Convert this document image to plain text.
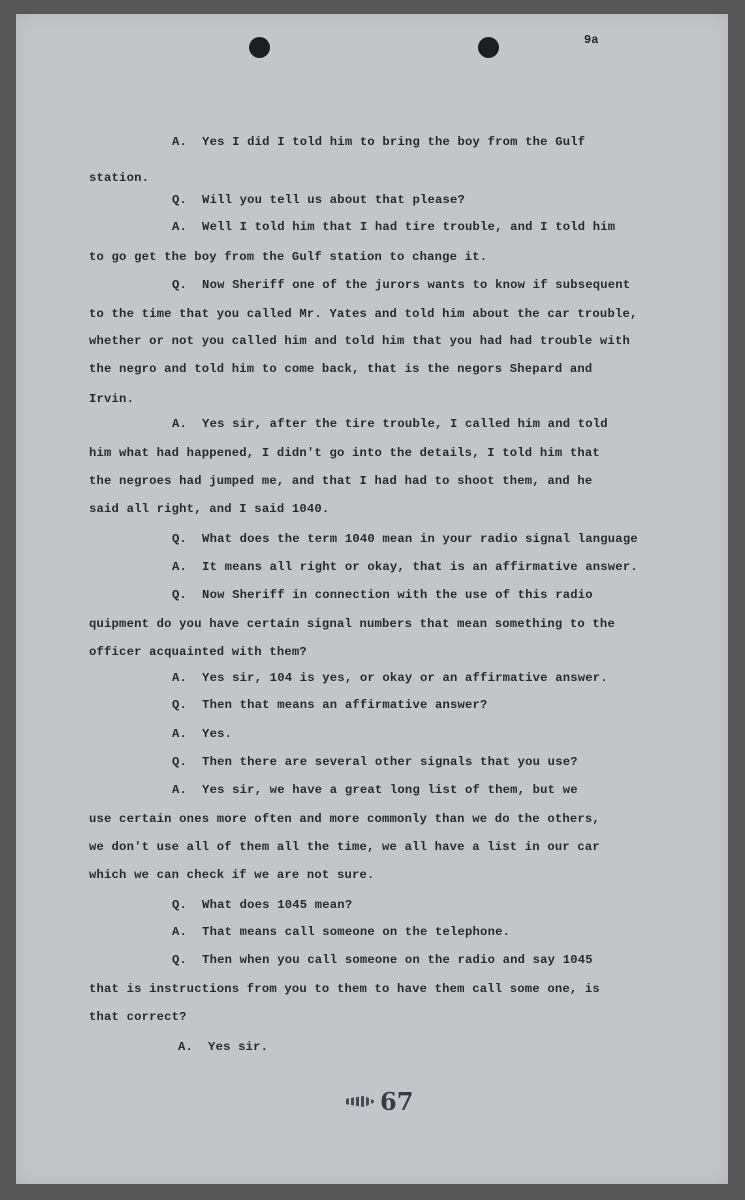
9a
A.  Yes I did I told him to bring the boy from the Gulf
station.
Q.  Will you tell us about that please?
A.  Well I told him that I had tire trouble, and I told him
to go get the boy from the Gulf station to change it.
Q.  Now Sheriff one of the jurors wants to know if subsequent
to the time that you called Mr. Yates and told him about the car trouble,
whether or not you called him and told him that you had had trouble with
the negro and told him to come back, that is the negors Shepard and
Irvin.
A.  Yes sir, after the tire trouble, I called him and told
him what had happened, I didn't go into the details, I told him that
the negroes had jumped me, and that I had had to shoot them, and he
said all right, and I said 1040.
Q.  What does the term 1040 mean in your radio signal language
A.  It means all right or okay, that is an affirmative answer.
Q.  Now Sheriff in connection with the use of this radio
quipment do you have certain signal numbers that mean something to the
officer acquainted with them?
A.  Yes sir, 104 is yes, or okay or an affirmative answer.
Q.  Then that means an affirmative answer?
A.  Yes.
Q.  Then there are several other signals that you use?
A.  Yes sir, we have a great long list of them, but we
use certain ones more often and more commonly than we do the others,
we don't use all of them all the time, we all have a list in our car
which we can check if we are not sure.
Q.  What does 1045 mean?
A.  That means call someone on the telephone.
Q.  Then when you call someone on the radio and say 1045
that is instructions from you to them to have them call some one, is
that correct?
A.  Yes sir.
67
